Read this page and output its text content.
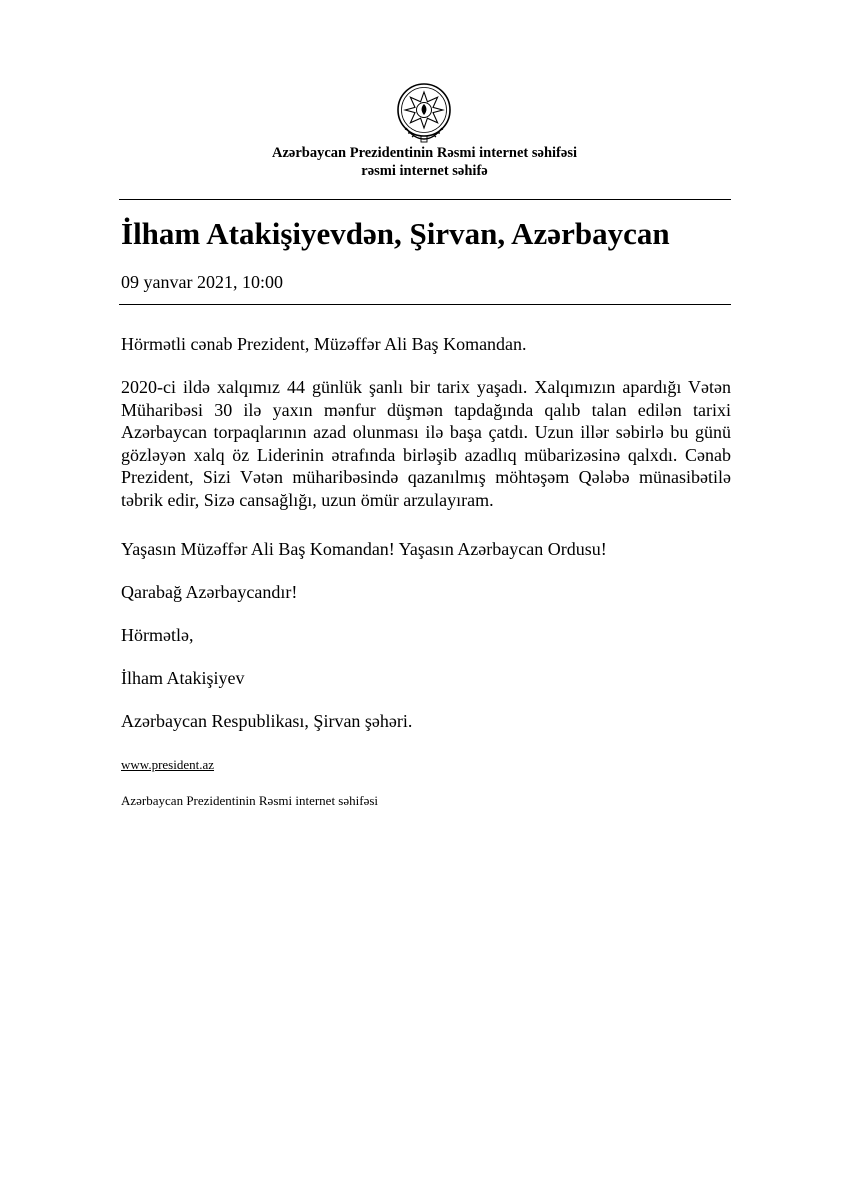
Azərbaycan Prezidentinin Rəsmi internet səhifəsi
rəsmi internet səhifə
İlham Atakişiyevdən, Şirvan, Azərbaycan
09 yanvar 2021, 10:00
Hörmətli cənab Prezident, Müzəffər Ali Baş Komandan.
2020-ci ildə xalqımız 44 günlük şanlı bir tarix yaşadı. Xalqımızın apardığı Vətən Müharibəsi 30 ilə yaxın mənfur düşmən tapdağında qalıb talan edilən tarixi Azərbaycan torpaqlarının azad olunması ilə başa çatdı. Uzun illər səbirlə bu günü gözləyən xalq öz Liderinin ətrafında birləşib azadlıq mübarizəsinə qalxdı. Cənab Prezident, Sizi Vətən müharibəsində qazanılmış möhtəşəm Qələbə münasibətilə təbrik edir, Sizə cansağlığı, uzun ömür arzulayıram.
Yaşasın Müzəffər Ali Baş Komandan! Yaşasın Azərbaycan Ordusu!
Qarabağ Azərbaycandır!
Hörmətlə,
İlham Atakişiyev
Azərbaycan Respublikası, Şirvan şəhəri.
www.president.az
Azərbaycan Prezidentinin Rəsmi internet səhifəsi
